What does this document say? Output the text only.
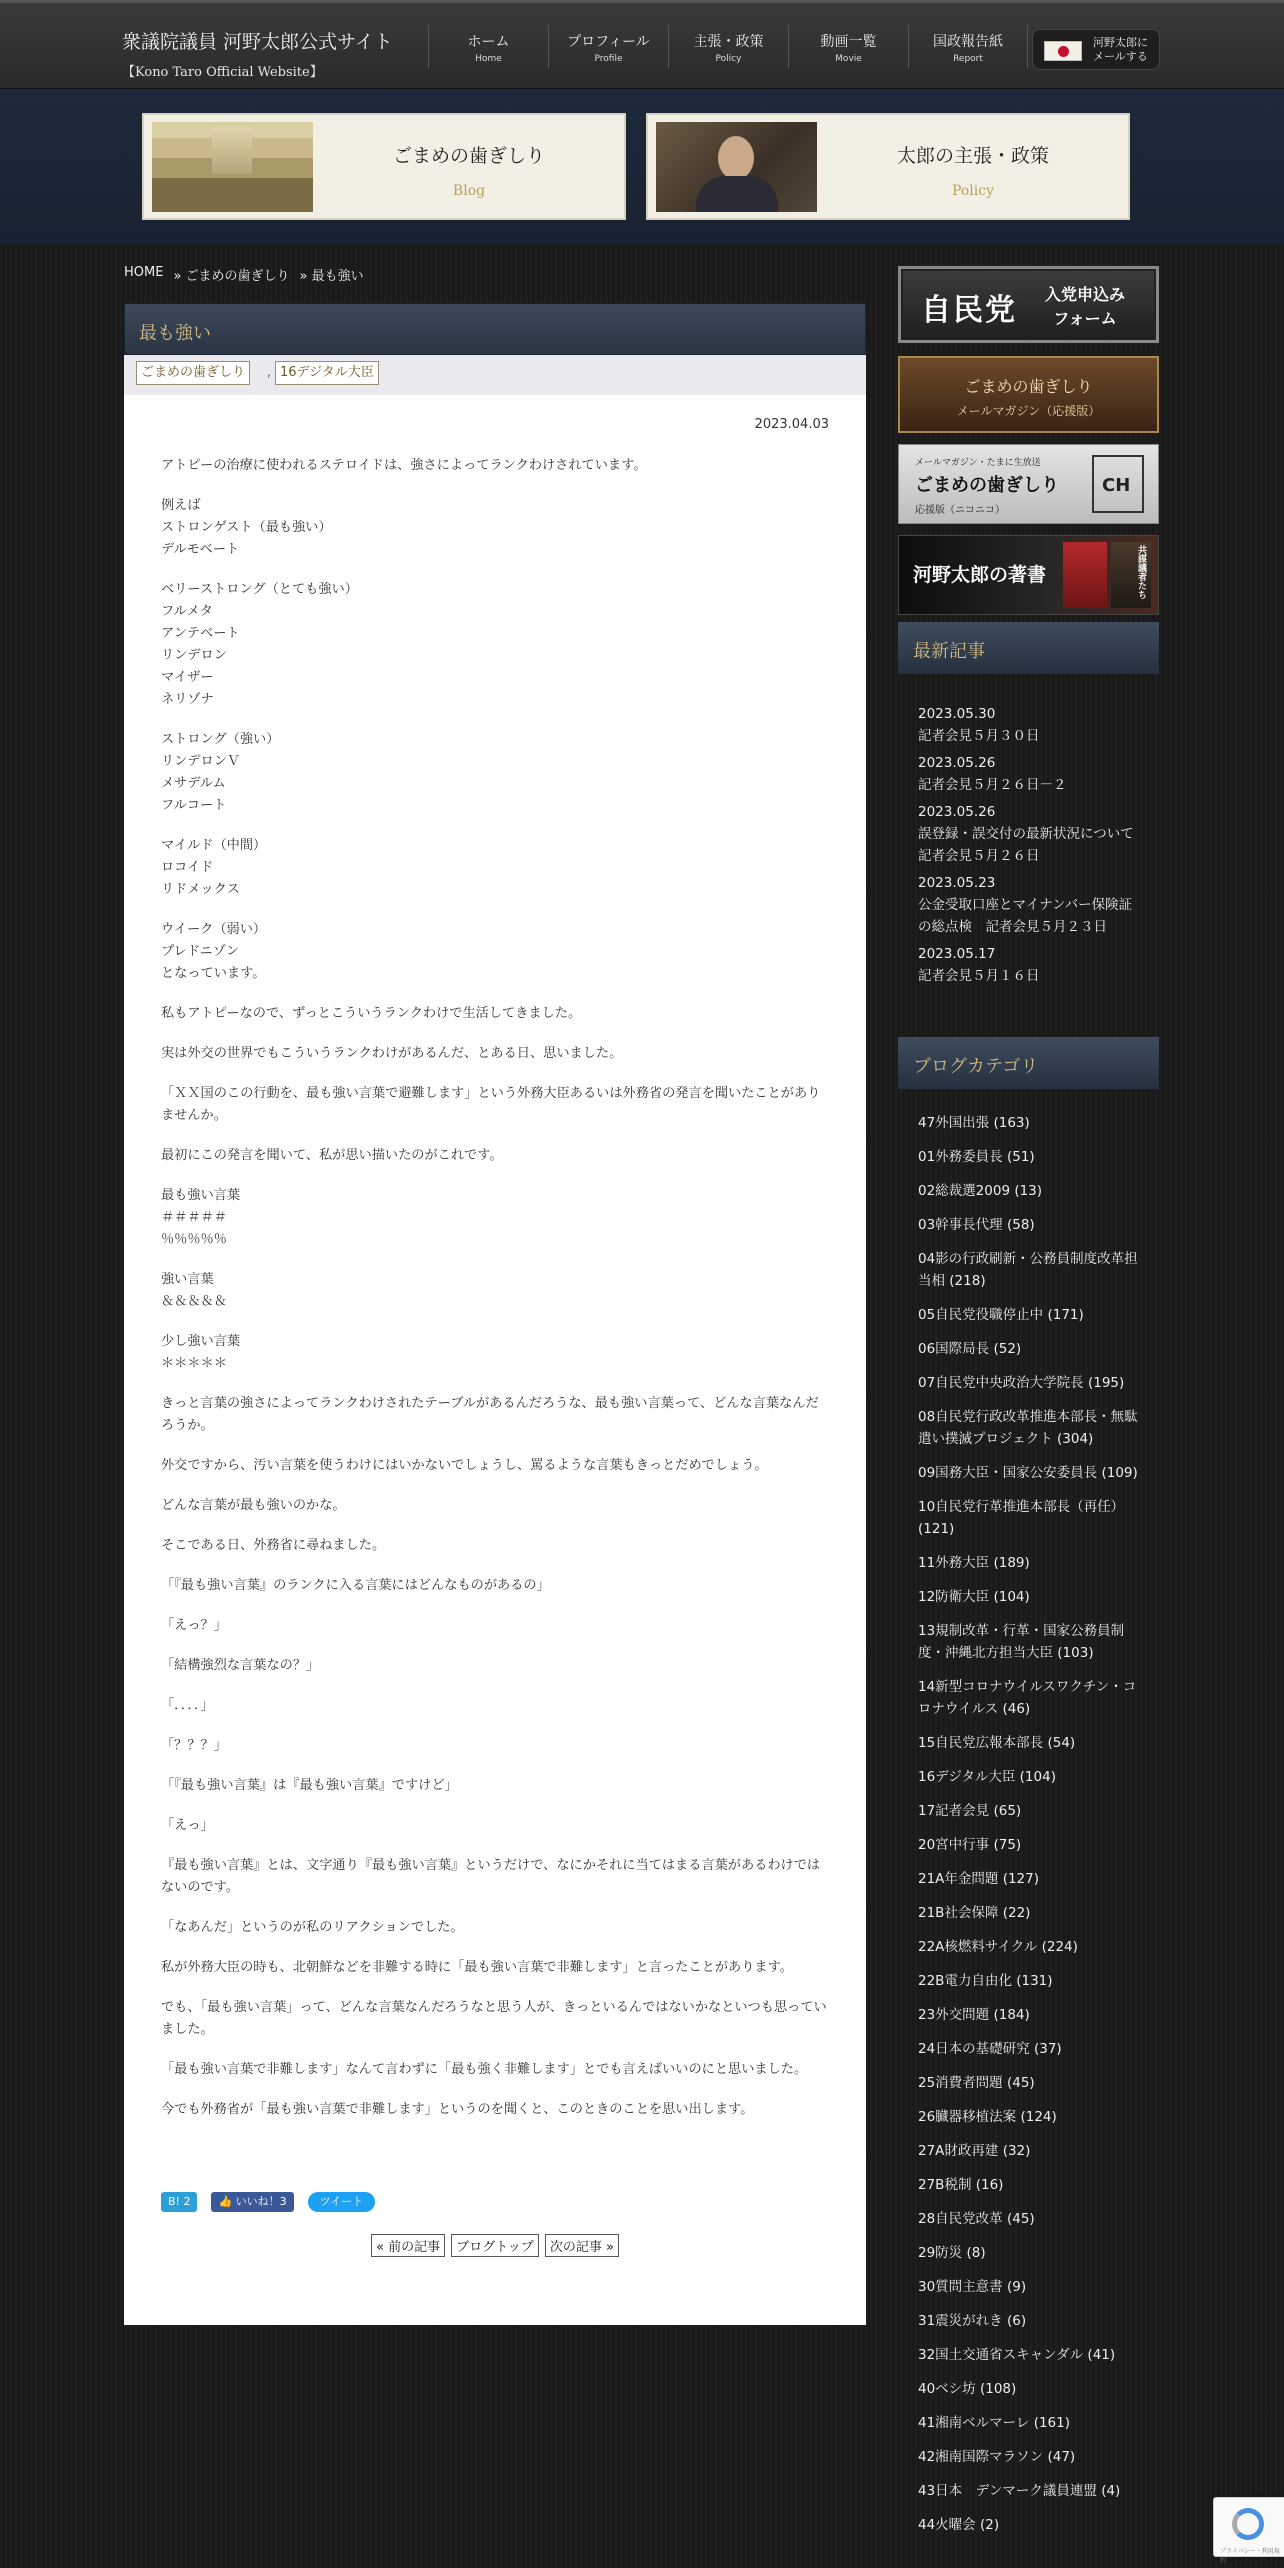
衆議院議員 河野太郎公式サイト
【Kono Taro Official Website】
ホーム
Home
プロフィール
Profile
主張・政策
Policy
動画一覧
Movie
国政報告紙
Report
河野太郎に
メールする
ごまめの歯ぎしり
Blog
太郎の主張・政策
Policy
HOME » ごまめの歯ぎしり » 最も強い
最も強い
ごまめの歯ぎしり	, 16デジタル大臣
2023.04.03

アトピーの治療に使われるステロイドは、強さによってランクわけされています。

例えば
ストロンゲスト（最も強い）
デルモベート

ベリーストロング（とても強い）
フルメタ
アンテベート
リンデロン
マイザー
ネリゾナ

ストロング（強い）
リンデロンＶ
メサデルム
フルコート

マイルド（中間）
ロコイド
リドメックス

ウイーク（弱い）
プレドニゾン
となっています。

私もアトピーなので、ずっとこういうランクわけで生活してきました。

実は外交の世界でもこういうランクわけがあるんだ、とある日、思いました。

「ＸＸ国のこの行動を、最も強い言葉で避難します」という外務大臣あるいは外務省の発言を聞いたことがありませんか。

最初にこの発言を聞いて、私が思い描いたのがこれです。

最も強い言葉
＃＃＃＃＃
％％％％％

強い言葉
＆＆＆＆＆

少し強い言葉
＊＊＊＊＊

きっと言葉の強さによってランクわけされたテーブルがあるんだろうな、最も強い言葉って、どんな言葉なんだろうか。

外交ですから、汚い言葉を使うわけにはいかないでしょうし、罵るような言葉もきっとだめでしょう。

どんな言葉が最も強いのかな。

そこである日、外務省に尋ねました。

「『最も強い言葉』のランクに入る言葉にはどんなものがあるの」

「えっ？」

「結構強烈な言葉なの？」

「．．．．」

「？？？」

「『最も強い言葉』は『最も強い言葉』ですけど」

「えっ」

『最も強い言葉』とは、文字通り『最も強い言葉』というだけで、なにかそれに当てはまる言葉があるわけではないのです。

「なあんだ」というのが私のリアクションでした。

私が外務大臣の時も、北朝鮮などを非難する時に「最も強い言葉で非難します」と言ったことがあります。

でも、「最も強い言葉」って、どんな言葉なんだろうなと思う人が、きっといるんではないかなといつも思っていました。

「最も強い言葉で非難します」なんて言わずに「最も強く非難します」とでも言えばいいのにと思いました。

今でも外務省が「最も強い言葉で非難します」というのを聞くと、このときのことを思い出します。

B! 2	👍 いいね！3	ツイート
« 前の記事	ブログトップ	次の記事 »
自民党	入党申込み
フォーム
ごまめの歯ぎしり
メールマガジン（応援版）
メールマガジン・たまに生放送
ごまめの歯ぎしり
応援版（ニコニコ）
CH
河野太郎の著書	共謀議者たち
最新記事
2023.05.30
記者会見５月３０日
2023.05.26
記者会見５月２６日－２
2023.05.26
誤登録・誤交付の最新状況について　記者会見５月２６日
2023.05.23
公金受取口座とマイナンバー保険証の総点検　記者会見５月２３日
2023.05.17
記者会見５月１６日
ブログカテゴリ
47外国出張 (163)
01外務委員長 (51)
02総裁選2009 (13)
03幹事長代理 (58)
04影の行政刷新・公務員制度改革担当相 (218)
05自民党役職停止中 (171)
06国際局長 (52)
07自民党中央政治大学院長 (195)
08自民党行政改革推進本部長・無駄遣い撲滅プロジェクト (304)
09国務大臣・国家公安委員長 (109)
10自民党行革推進本部長（再任） (121)
11外務大臣 (189)
12防衛大臣 (104)
13規制改革・行革・国家公務員制度・沖縄北方担当大臣 (103)
14新型コロナウイルスワクチン・コロナウイルス (46)
15自民党広報本部長 (54)
16デジタル大臣 (104)
17記者会見 (65)
20宮中行事 (75)
21A年金問題 (127)
21B社会保障 (22)
22A核燃料サイクル (224)
22B電力自由化 (131)
23外交問題 (184)
24日本の基礎研究 (37)
25消費者問題 (45)
26臓器移植法案 (124)
27A財政再建 (32)
27B税制 (16)
28自民党改革 (45)
29防災 (8)
30質問主意書 (9)
31震災がれき (6)
32国土交通省スキャンダル (41)
40ベシ坊 (108)
41湘南ベルマーレ (161)
42湘南国際マラソン (47)
43日本　デンマーク議員連盟 (4)
44火曜会 (2)
プライバシー・利用規約
